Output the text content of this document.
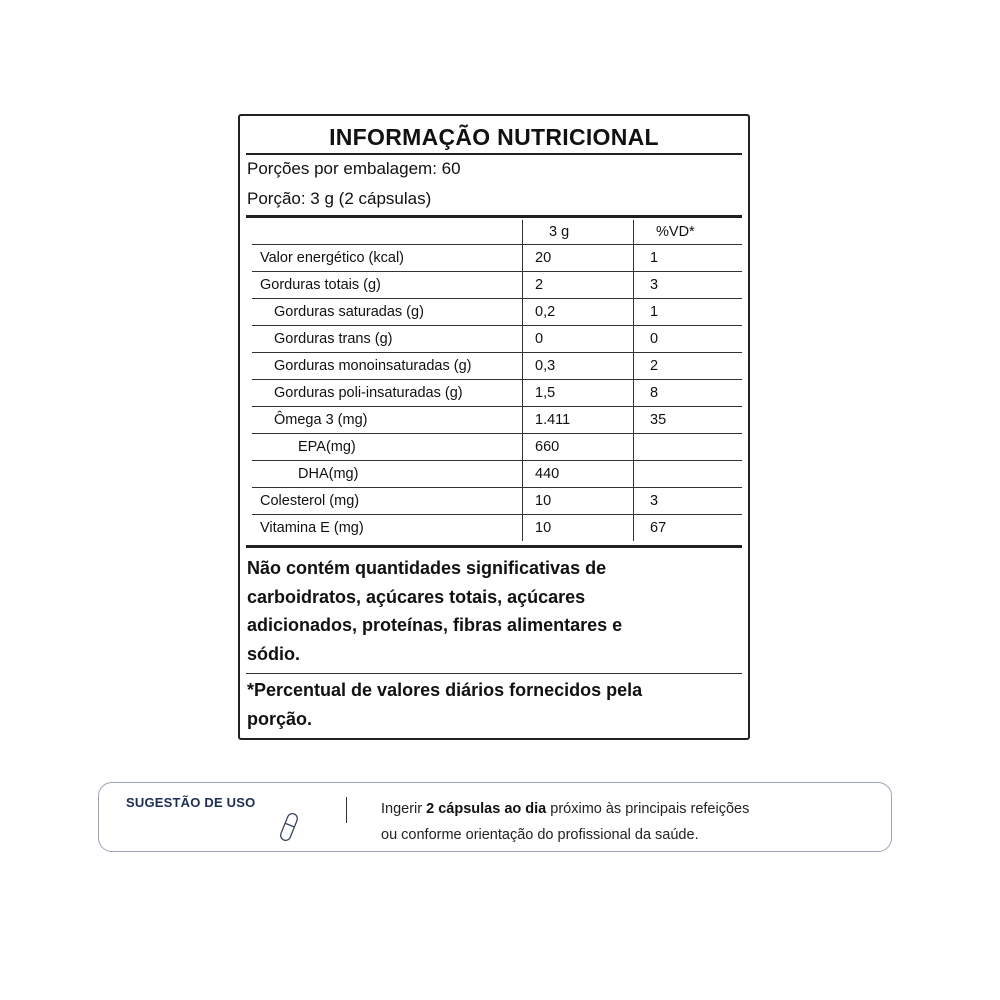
INFORMAÇÃO NUTRICIONAL
Porções por embalagem: 60
Porção: 3 g (2 cápsulas)
	3 g	%VD*
Valor energético (kcal)	20	1
Gorduras totais (g)	2	3
Gorduras saturadas (g)	0,2	1
Gorduras trans (g)	0	0
Gorduras monoinsaturadas (g)	0,3	2
Gorduras poli-insaturadas (g)	1,5	8
Ômega 3 (mg)	1.411	35
EPA(mg)	660	
DHA(mg)	440	
Colesterol (mg)	10	3
Vitamina E (mg)	10	67
Não contém quantidades significativas de
carboidratos, açúcares totais, açúcares
adicionados, proteínas, fibras alimentares e
sódio.
*Percentual de valores diários fornecidos pela
porção.
SUGESTÃO DE USO	Ingerir 2 cápsulas ao dia próximo às principais refeições
ou conforme orientação do profissional da saúde.
